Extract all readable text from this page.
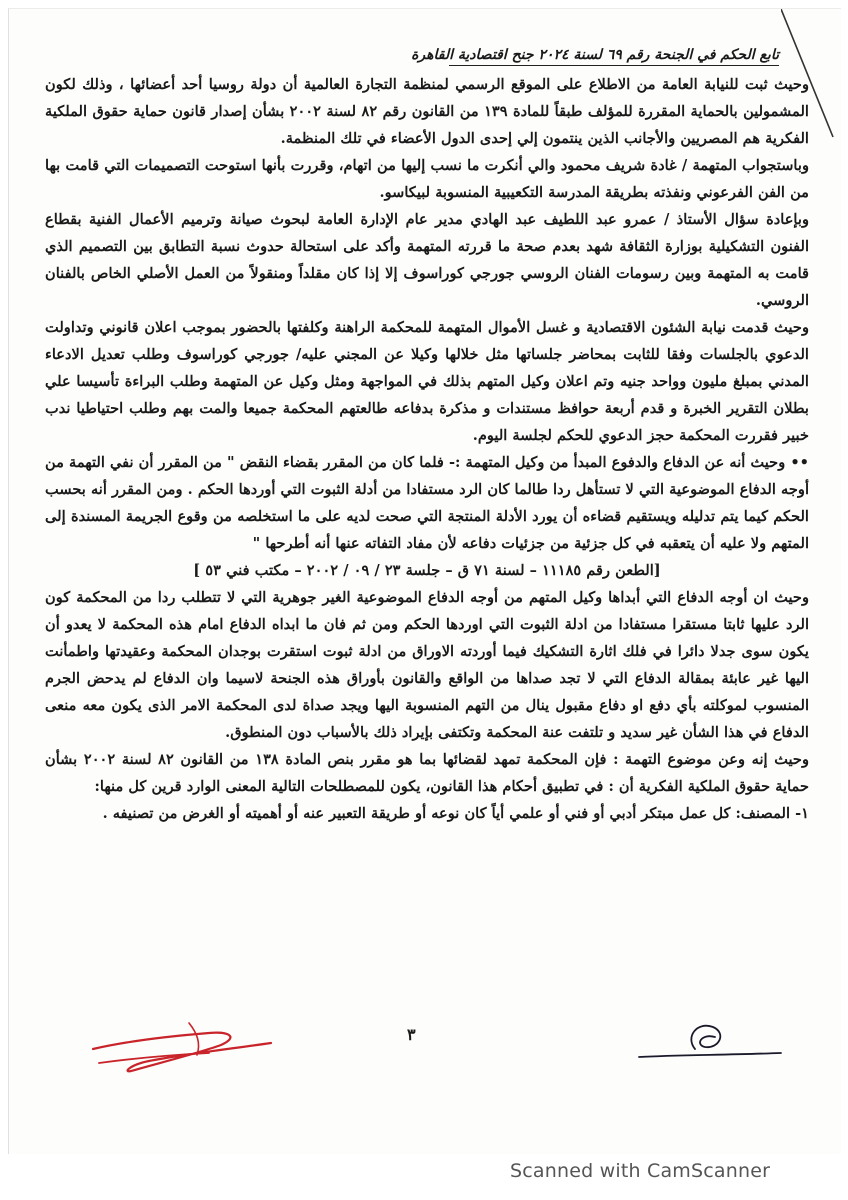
تابع الحكم في الجنحة رقم ٦٩ لسنة ٢٠٢٤ جنح اقتصادية القاهرة

وحيث ثبت للنيابة العامة من الاطلاع على الموقع الرسمي لمنظمة التجارة العالمية أن دولة روسيا أحد أعضائها ، وذلك لكون المشمولين بالحماية المقررة للمؤلف طبقاً للمادة ١٣٩ من القانون رقم ٨٢ لسنة ٢٠٠٢ بشأن إصدار قانون حماية حقوق الملكية الفكرية هم المصريين والأجانب الذين ينتمون إلي إحدى الدول الأعضاء في تلك المنظمة.

وباستجواب المتهمة / غادة شريف محمود والي أنكرت ما نسب إليها من اتهام، وقررت بأنها استوحت التصميمات التي قامت بها من الفن الفرعوني ونفذته بطريقة المدرسة التكعيبية المنسوبة لبيكاسو.

وبإعادة سؤال الأستاذ / عمرو عبد اللطيف عبد الهادي مدير عام الإدارة العامة لبحوث صيانة وترميم الأعمال الفنية بقطاع الفنون التشكيلية بوزارة الثقافة شهد بعدم صحة ما قررته المتهمة وأكد على استحالة حدوث نسبة التطابق بين التصميم الذي قامت به المتهمة وبين رسومات الفنان الروسي جورجي كوراسوف إلا إذا كان مقلداً ومنقولاً من العمل الأصلي الخاص بالفنان الروسي.

وحيث قدمت نيابة الشئون الاقتصادية و غسل الأموال المتهمة للمحكمة الراهنة وكلفتها بالحضور بموجب اعلان قانوني وتداولت الدعوي بالجلسات وفقا للثابت بمحاضر جلساتها مثل خلالها وكيلا عن المجني عليه/ جورجي كوراسوف وطلب تعديل الادعاء المدني بمبلغ مليون وواحد جنيه وتم اعلان وكيل المتهم بذلك في المواجهة ومثل وكيل عن المتهمة وطلب البراءة تأسيسا علي بطلان التقرير الخبرة و قدم أربعة حوافظ مستندات و مذكرة بدفاعه طالعتهم المحكمة جميعا والمت بهم وطلب احتياطيا ندب خبير فقررت المحكمة حجز الدعوي للحكم لجلسة اليوم.

•• وحيث أنه عن الدفاع والدفوع المبدأ من وكيل المتهمة :- فلما كان من المقرر بقضاء النقض " من المقرر أن نفي التهمة من أوجه الدفاع الموضوعية التي لا تستأهل ردا طالما كان الرد مستفادا من أدلة الثبوت التي أوردها الحكم . ومن المقرر أنه بحسب الحكم كيما يتم تدليله ويستقيم قضاءه أن يورد الأدلة المنتجة التي صحت لديه على ما استخلصه من وقوع الجريمة المسندة إلى المتهم ولا عليه أن يتعقبه في كل جزئية من جزئيات دفاعه لأن مفاد التفاته عنها أنه أطرحها "

[الطعن رقم ١١١٨٥ – لسنة ٧١ ق – جلسة ٢٣ / ٠٩ / ٢٠٠٢ – مكتب فني ٥٣ ]

وحيث ان أوجه الدفاع التي أبداها وكيل المتهم من أوجه الدفاع الموضوعية الغير جوهرية التي لا تتطلب ردا من المحكمة كون الرد عليها ثابتا مستقرا مستفادا من ادلة الثبوت التي اوردها الحكم ومن ثم فان ما ابداه الدفاع امام هذه المحكمة لا يعدو أن يكون سوى جدلا دائرا في فلك اثارة التشكيك فيما أوردته الاوراق من ادلة ثبوت استقرت بوجدان المحكمة وعقيدتها واطمأنت اليها غير عابئة بمقالة الدفاع التي لا تجد صداها من الواقع والقانون بأوراق هذه الجنحة لاسيما وان الدفاع لم يدحض الجرم المنسوب لموكلته بأي دفع او دفاع مقبول ينال من التهم المنسوبة اليها ويجد صداة لدى المحكمة الامر الذى يكون معه منعى الدفاع في هذا الشأن غير سديد و تلتفت عنة المحكمة وتكتفى بإيراد ذلك بالأسباب دون المنطوق.

وحيث إنه وعن موضوع التهمة : فإن المحكمة تمهد لقضائها بما هو مقرر بنص المادة ١٣٨ من القانون ٨٢ لسنة ٢٠٠٢ بشأن حماية حقوق الملكية الفكرية أن : في تطبيق أحكام هذا القانون، يكون للمصطلحات التالية المعنى الوارد قرين كل منها:

١- المصنف: كل عمل مبتكر أدبي أو فني أو علمي أياً كان نوعه أو طريقة التعبير عنه أو أهميته أو الغرض من تصنيفه .

٣
Scanned with CamScanner
